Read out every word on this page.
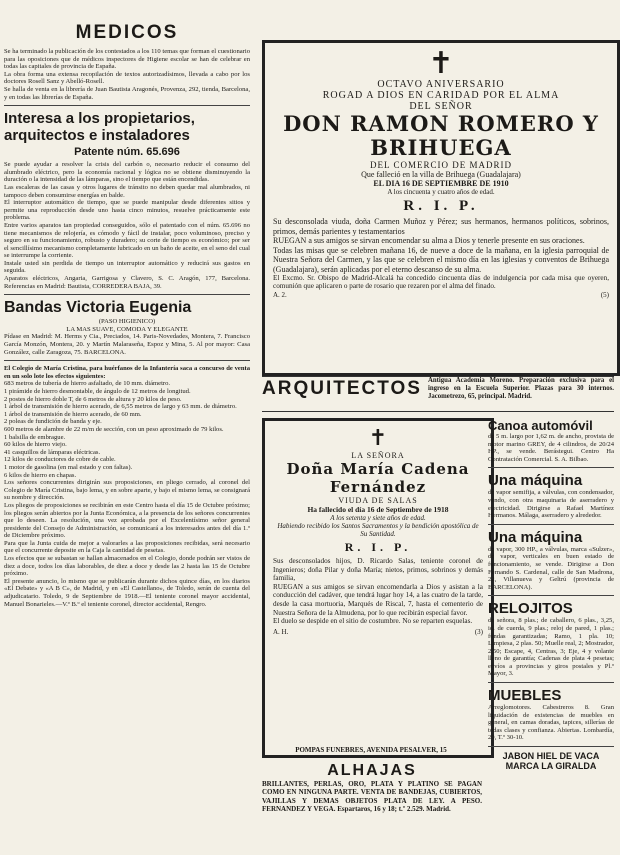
MEDICOS

Se ha terminado la publicación de los contestados a los 110 temas que forman el cuestionario para las oposiciones que de médicos inspectores de Higiene escolar se han de celebrar en todas las capitales de provincia de España.

La obra forma una extensa recopilación de textos autorizadísimos, llevada a cabo por los doctores Rosell Sanz y Abelló-Rosell.

Se halla de venta en la librería de Juan Bautista Aragonés, Provenza, 292, tienda, Barcelona, y en todas las librerías de España.

Interesa a los propietarios, arquitectos e instaladores
Patente núm. 65.696

Se puede ayudar a resolver la crisis del carbón o, necesario reducir el consumo del alumbrado eléctrico, pero la economía racional y lógica no se obtiene disminuyendo la duración o la intensidad de las lámparas, sino el tiempo que están encendidas.

Las escaleras de las casas y otros lugares de tránsito no deben quedar mal alumbrados, ni tampoco deben consumirse energías en balde.

El interruptor automático de tiempo, que se puede manipular desde diferentes sitios y permite una reproducción desde uno hasta cinco minutos, resuelve prácticamente este problema.

Entre varios aparatos tan propiedad conseguidos, sólo el patentado con el núm. 65.696 no tiene mecanismos de relojería, es cómodo y fácil de instalar, poco voluminoso, preciso y seguro en su funcionamiento, robusto y duradero; su corte de tiempo es económico; por ser el sencillísimo mecanismo completamente lubricado en un baño de aceite, en el seno del cual se interrumpe la corriente.

Instale usted sin perdida de tiempo un interruptor automático y reducirá sus gastos en seguida.

Aparatos eléctricos, Angaria, Garrigosa y Clavero, S. C. Aragón, 177, Barcelona. Referencias en Madrid: Bautista, CORREDERA BAJA, 39.

Bandas Victoria Eugenia

(PASO HIGIENICO)

LA MAS SUAVE, COMODA Y ELEGANTE

Pídase en Madrid: M. Herms y Cia., Preciados, 14. Paris-Novedades, Montera, 7. Francisco García Monzón, Montera, 20. y Martín Malaraseña, Espoz y Mina, 5. Al por mayor: Casa González, calle Zaragoza, 75. BARCELONA.

El Colegio de María Cristina, para huérfanos de la Infantería saca a concurso de venta en un solo lote los efectos siguientes:

683 metros de tubería de hierro asfaltado, de 10 mm. diámetro.

1 pirámide de hierro desmontable, de ángulo de 12 metros de longitud.

2 postes de hierro doble T, de 6 metros de altura y 20 kilos de peso.

1 árbol de transmisión de hierro acerado, de 6,55 metros de largo y 63 mm. de diámetro.

1 árbol de transmisión de hierro acerado, de 60 mm.

2 poleas de fundición de banda y eje.

600 metros de alambre de 22 m/m de sección, con un peso aproximado de 79 kilos.

1 balsilla de embrague.

60 kilos de hierro viejo.

41 casquillos de lámparas eléctricas.

12 kilos de conductores de cobre de cable.

1 motor de gasolina (en mal estado y con faltas).

6 kilos de hierro en chapas.

Los señores concurrentes dirigirán sus proposiciones, en pliego cerrado, al coronel del Colegio de María Cristina, bajo lema, y en sobre aparte, y bajo el mismo lema, se consignará su nombre y dirección.

Los pliegos de proposiciones se recibirán en este Centro hasta el día 15 de Octubre próximo; los pliegos serán abiertos por la Junta Económica, a la presencia de los señores concurrentes que lo deseen. La resolución, una vez aprobada por el Excelentísimo señor general presidente del Consejo de Administración, se comunicará a los interesados antes del día 1.º de Diciembre próximo.

Para que la Junta cuida de mejor a valorarles a las proposiciones recibidas, será necesario que el concurrente deposite en la Caja la cantidad de pesetas.

Los efectos que se subastan se hallan almacenados en el Colegio, donde podrán ser vistos de diez a doce, todos los días laborables, de diez a doce y desde las 2 hasta las 15 de Octubre próximo.

El presente anuncio, lo mismo que se publicarán durante dichos quince días, en los diarios «El Debate» y «A B C», de Madrid, y en «El Castellano», de Toledo, serán de cuenta del adjudicatario. Toledo, 9 de Septiembre de 1918.—El teniente coronel mayor accidental, Manuel Bonarieles.—V.º B.º el teniente coronel, director accidental, Rengro.

✝
OCTAVO ANIVERSARIO
ROGAD A DIOS EN CARIDAD POR EL ALMA
DEL SEÑOR
DON RAMON ROMERO Y BRIHUEGA
DEL COMERCIO DE MADRID
Que falleció en la villa de Brihuega (Guadalajara)
EL DIA 16 DE SEPTIEMBRE DE 1910
A los cincuenta y cuatro años de edad.
R. I. P.

Su desconsolada viuda, doña Carmen Muñoz y Pérez; sus hermanos, hermanos políticos, sobrinos, primos, demás parientes y testamentarios

RUEGAN a sus amigos se sirvan encomendar su alma a Dios y tenerle presente en sus oraciones.

Todas las misas que se celebren mañana 16, de nueve a doce de la mañana, en la iglesia parroquial de Nuestra Señora del Carmen, y las que se celebren el mismo día en las iglesias y conventos de Brihuega (Guadalajara), serán aplicadas por el eterno descanso de su alma.

El Excmo. Sr. Obispo de Madrid-Alcalá ha concedido cincuenta días de indulgencia por cada misa que oyeren, comunión que aplicaren o parte de rosario que rezaren por el alma del finado.

A. 2.	(5)
ARQUITECTOS Antigua Academia Moreno. Preparación exclusiva para el ingreso en la Escuela Superior. Plazas para 30 internos. Jacometrezo, 65, principal. Madrid.

✝
LA SEÑORA
Doña María Cadena Fernández
VIUDA DE SALAS
Ha fallecido el día 16 de Septiembre de 1918
A los setenta y siete años de edad.
Habiendo recibido los Santos Sacramentos y la bendición apostólica de Su Santidad.
R. I. P.

Sus desconsolados hijos, D. Ricardo Salas, teniente coronel de Ingenieros; doña Pilar y doña María; nietos, primos, sobrinos y demás familia,

RUEGAN a sus amigos se sirvan encomendarla a Dios y asistan a la conducción del cadáver, que tendrá lugar hoy 14, a las cuatro de la tarde, desde la casa mortuoria, Marqués de Riscal, 7, hasta el cementerio de Nuestra Señora de la Almudena, por lo que recibirán especial favor.

El duelo se despide en el sitio de costumbre. No se reparten esquelas.

A. H.	(3)
POMPAS FUNEBRES, AVENIDA PESALVER, 15
ALHAJAS

BRILLANTES, PERLAS, ORO, PLATA Y PLATINO SE PAGAN COMO EN NINGUNA PARTE. VENTA DE BANDEJAS, CUBIERTOS, VAJILLAS Y DEMAS OBJETOS PLATA DE LEY. A PESO. FERNANDEZ Y VEGA. Espartaros, 16 y 18; t.º 2.529. Madrid.

Canoa automóvil

de 5 m. largo por 1,62 m. de ancho, provista de motor marino GREY, de 4 cilindros, de 20/24 HP., se vende. Berástegui. Centro Ha Contratación Comercial. S. A. Bilbao.

Una máquina

de vapor semifija, a válvulas, con condensador, vendo, con otra maquinaria de aserradero y electricidad. Dirigirse a Rafael Martínez Hermanos. Málaga, aserradero y alrededor.

Una máquina

de vapor, 300 HP., a válvulas, marca «Sulzer», de vapor, verticales en buen estado de funcionamiento, se vende. Dirigirse a Don Fernando S. Cardenal, calle de San Madrona, 22, Villanueva y Geltrú (provincia de BARCELONA).

RELOJITOS

de señora, 8 plas.; de caballero, 6 plas., 3,25, id. de cuerda, 9 plas.; reloj de pared, 1 plas.; fundas garantizadas; Ramo, 1 pla. 10; Limpiesa, 2 plas. 50; Muelle real, 2; Mostrador, 2,50; Escape, 4, Centras, 3; Eje, 4 y volante lleno de garantía; Cadenas de plata 4 pesetas; envíos a provincias y giros postales y Pl.º Mayor, 3.

MUEBLES

Arreglomotores. Cabestreros 8. Gran liquidación de existencias de muebles en general, en camas doradas, tapices, sillerías de todas clases y confianza. Abiertas. Lombardía, 20, T.º 30-10.

JABON HIEL DE VACA
MARCA LA GIRALDA
